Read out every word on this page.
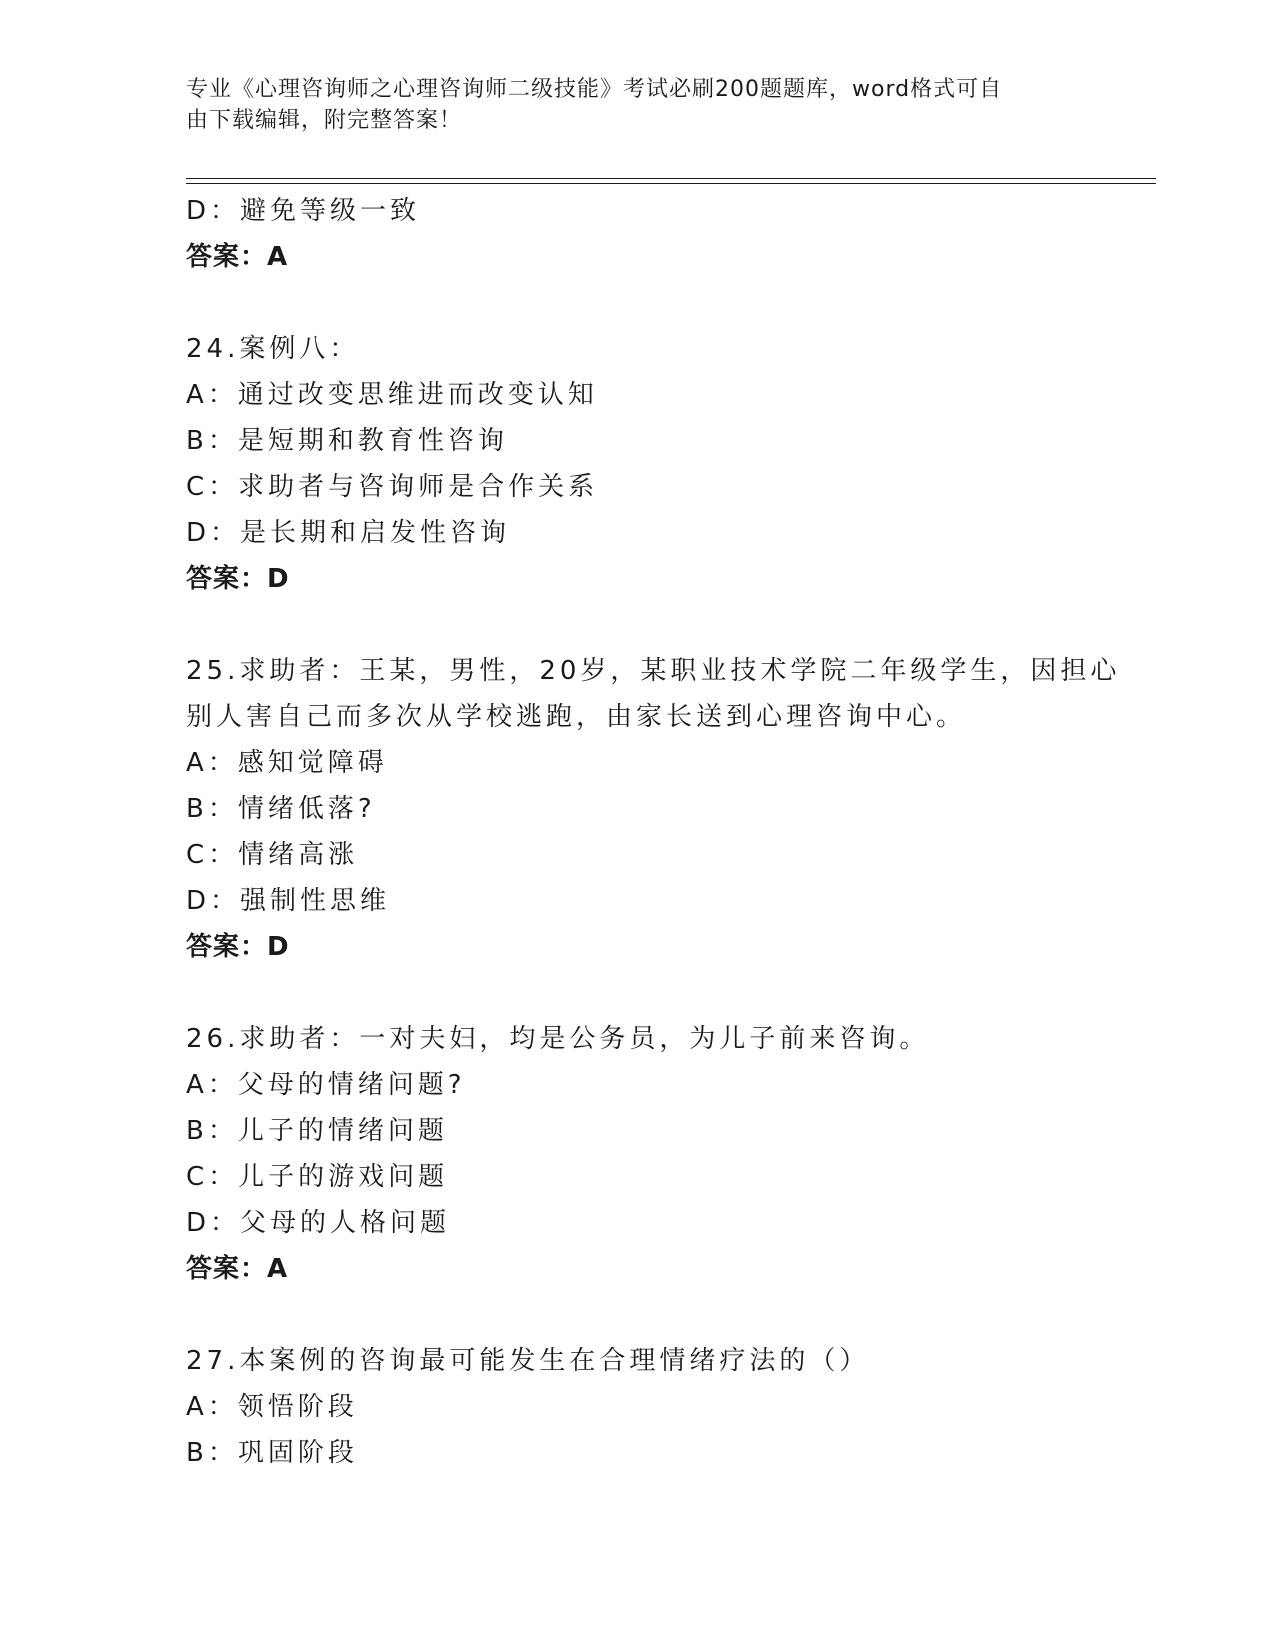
专业《心理咨询师之心理咨询师二级技能》考试必刷200题题库，word格式可自
由下载编辑，附完整答案！
D：避免等级一致
答案：A
24.案例八：
A：通过改变思维进而改变认知
B：是短期和教育性咨询
C：求助者与咨询师是合作关系
D：是长期和启发性咨询
答案：D
25.求助者：王某，男性，20岁，某职业技术学院二年级学生，因担心
别人害自己而多次从学校逃跑，由家长送到心理咨询中心。
A：感知觉障碍
B：情绪低落?
C：情绪高涨
D：强制性思维
答案：D
26.求助者：一对夫妇，均是公务员，为儿子前来咨询。
A：父母的情绪问题?
B：儿子的情绪问题
C：儿子的游戏问题
D：父母的人格问题
答案：A
27.本案例的咨询最可能发生在合理情绪疗法的（）
A：领悟阶段
B：巩固阶段
